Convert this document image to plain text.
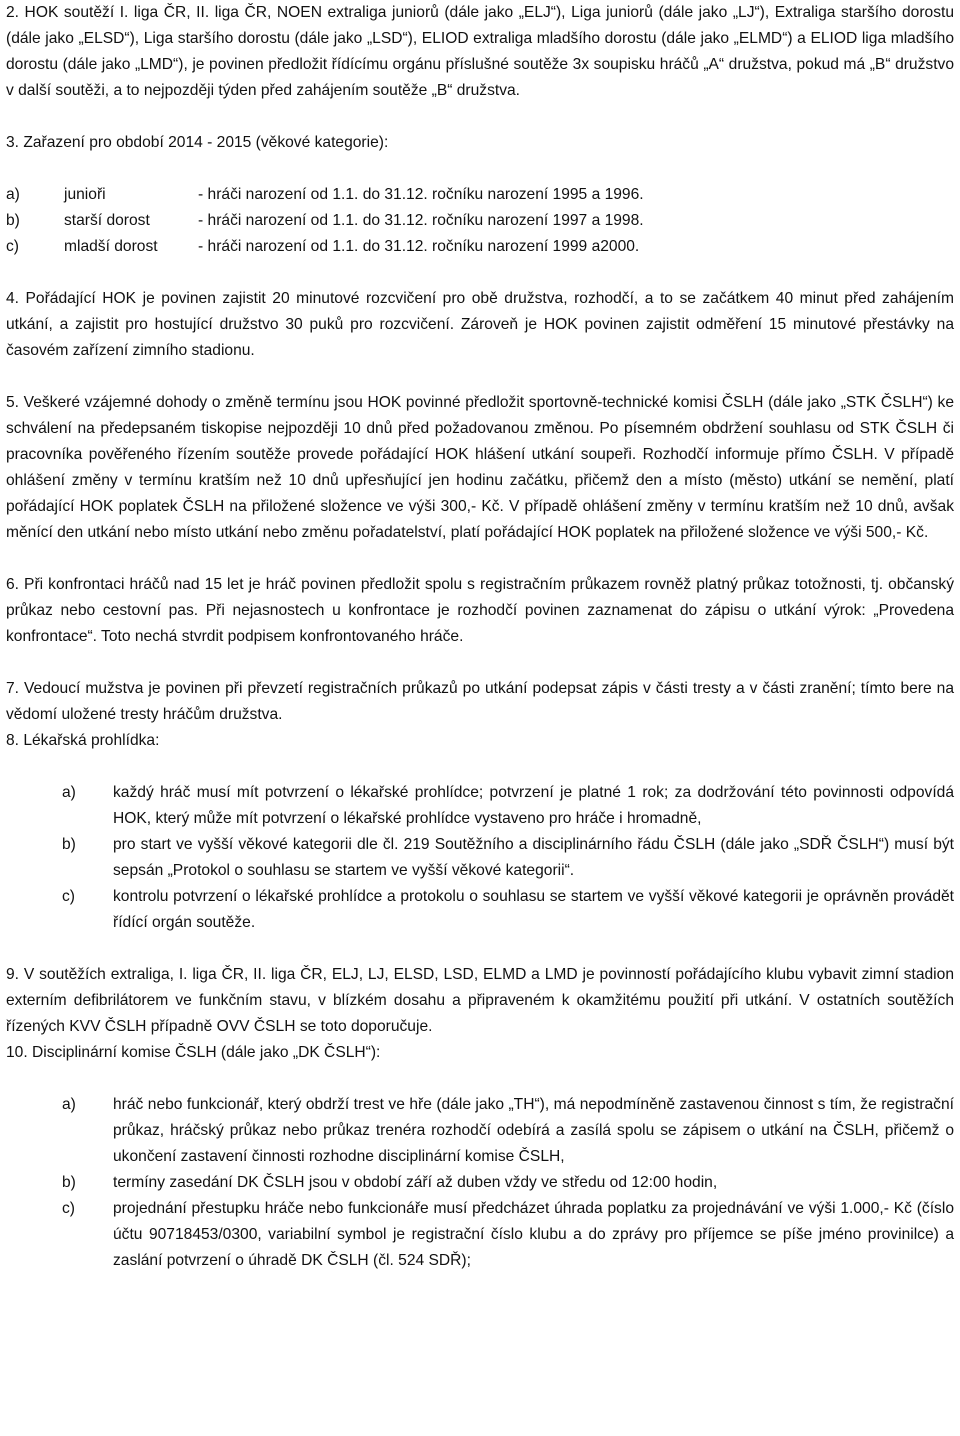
2. HOK soutěží I. liga ČR, II. liga ČR, NOEN extraliga juniorů (dále jako „ELJ“), Liga juniorů (dále jako „LJ“), Extraliga staršího dorostu (dále jako „ELSD“), Liga staršího dorostu (dále jako „LSD“), ELIOD extraliga mladšího dorostu (dále jako „ELMD“) a ELIOD liga mladšího dorostu (dále jako „LMD“), je povinen předložit řídícímu orgánu příslušné soutěže 3x soupisku hráčů „A“ družstva, pokud má „B“ družstvo v další soutěži, a to nejpozději týden před zahájením soutěže „B“ družstva.

3. Zařazení pro období 2014 - 2015 (věkové kategorie):

a)	junioři	- hráči narození od 1.1. do 31.12. ročníku narození 1995 a 1996.
b)	starší dorost	- hráči narození od 1.1. do 31.12. ročníku narození 1997 a 1998.
c)	mladší dorost	- hráči narození od 1.1. do 31.12. ročníku narození 1999 a2000.

4. Pořádající HOK je povinen zajistit 20 minutové rozcvičení pro obě družstva, rozhodčí, a to se začátkem 40 minut před zahájením utkání, a zajistit pro hostující družstvo 30 puků pro rozcvičení. Zároveň je HOK povinen zajistit odměření 15 minutové přestávky na časovém zařízení zimního stadionu.

5. Veškeré vzájemné dohody o změně termínu jsou HOK povinné předložit sportovně-technické komisi ČSLH (dále jako „STK ČSLH“) ke schválení na předepsaném tiskopise nejpozději 10 dnů před požadovanou změnou. Po písemném obdržení souhlasu od STK ČSLH či pracovníka pověřeného řízením soutěže provede pořádající HOK hlášení utkání soupeři. Rozhodčí informuje přímo ČSLH. V případě ohlášení změny v termínu kratším než 10 dnů upřesňující jen hodinu začátku, přičemž den a místo (město) utkání se nemění, platí pořádající HOK poplatek ČSLH na přiložené složence ve výši 300,- Kč. V případě ohlášení změny v termínu kratším než 10 dnů, avšak měnící den utkání nebo místo utkání nebo změnu pořadatelství, platí pořádající HOK poplatek na přiložené složence ve výši 500,- Kč.

6. Při konfrontaci hráčů nad 15 let je hráč povinen předložit spolu s registračním průkazem rovněž platný průkaz totožnosti, tj. občanský průkaz nebo cestovní pas. Při nejasnostech u konfrontace je rozhodčí povinen zaznamenat do zápisu o utkání výrok: „Provedena konfrontace“. Toto nechá stvrdit podpisem konfrontovaného hráče.

7. Vedoucí mužstva je povinen při převzetí registračních průkazů po utkání podepsat zápis v části tresty a v části zranění; tímto bere na vědomí uložené tresty hráčům družstva.

8. Lékařská prohlídka:

a)	každý hráč musí mít potvrzení o lékařské prohlídce; potvrzení je platné 1 rok; za dodržování této povinnosti odpovídá HOK, který může mít potvrzení o lékařské prohlídce vystaveno pro hráče i hromadně,
b)	pro start ve vyšší věkové kategorii dle čl. 219 Soutěžního a disciplinárního řádu ČSLH (dále jako „SDŘ ČSLH“) musí být sepsán „Protokol o souhlasu se startem ve vyšší věkové kategorii“.
c)	kontrolu potvrzení o lékařské prohlídce a protokolu o souhlasu se startem ve vyšší věkové kategorii je oprávněn provádět řídící orgán soutěže.

9. V soutěžích extraliga, I. liga ČR, II. liga ČR, ELJ, LJ, ELSD, LSD, ELMD a LMD je povinností pořádajícího klubu vybavit zimní stadion externím defibrilátorem ve funkčním stavu, v blízkém dosahu a připraveném k okamžitému použití při utkání. V ostatních soutěžích řízených KVV ČSLH případně OVV ČSLH se toto doporučuje.

10. Disciplinární komise ČSLH (dále jako „DK ČSLH“):

a)	hráč nebo funkcionář, který obdrží trest ve hře (dále jako „TH“), má nepodmíněně zastavenou činnost s tím, že registrační průkaz, hráčský průkaz nebo průkaz trenéra rozhodčí odebírá a zasílá spolu se zápisem o utkání na ČSLH, přičemž o ukončení zastavení činnosti rozhodne disciplinární komise ČSLH,
b)	termíny zasedání DK ČSLH jsou v období září až duben vždy ve středu od 12:00 hodin,
c)	projednání přestupku hráče nebo funkcionáře musí předcházet úhrada poplatku za projednávání ve výši 1.000,- Kč (číslo účtu 90718453/0300, variabilní symbol je registrační číslo klubu a do zprávy pro příjemce se píše jméno provinilce) a zaslání potvrzení o úhradě DK ČSLH (čl. 524 SDŘ);
